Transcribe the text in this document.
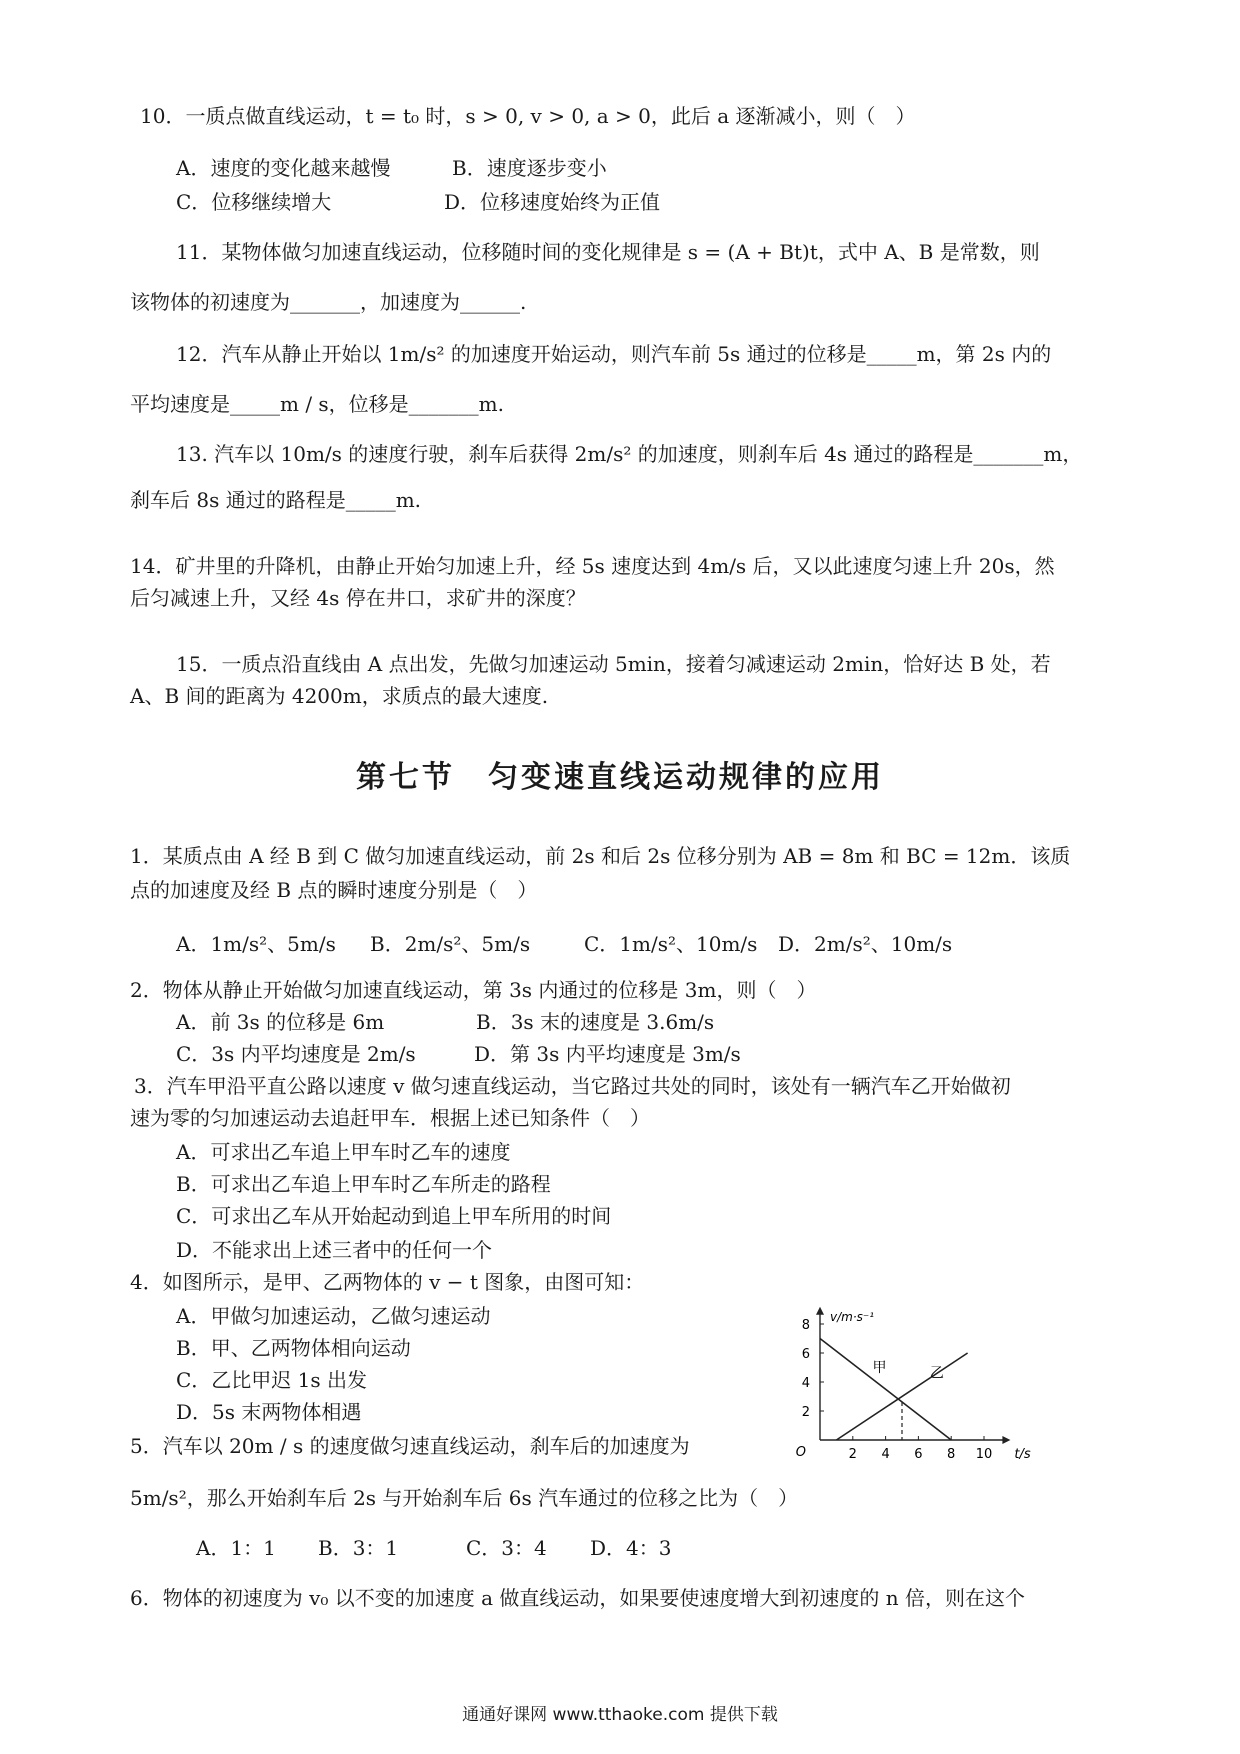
10．一质点做直线运动，t = t₀ 时，s > 0, v > 0, a > 0，此后 a 逐渐减小，则（　）
A．速度的变化越来越慢	B．速度逐步变小
C．位移继续增大	D．位移速度始终为正值
11．某物体做匀加速直线运动，位移随时间的变化规律是 s = (A + Bt)t，式中 A、B 是常数，则
该物体的初速度为_______，加速度为______.
12．汽车从静止开始以 1m/s² 的加速度开始运动，则汽车前 5s 通过的位移是_____m，第 2s 内的
平均速度是_____m / s，位移是_______m.
13. 汽车以 10m/s 的速度行驶，刹车后获得 2m/s² 的加速度，则刹车后 4s 通过的路程是_______m，
刹车后 8s 通过的路程是_____m.
14．矿井里的升降机，由静止开始匀加速上升，经 5s 速度达到 4m/s 后，又以此速度匀速上升 20s，然
后匀减速上升，又经 4s 停在井口，求矿井的深度？
15．一质点沿直线由 A 点出发，先做匀加速运动 5min，接着匀减速运动 2min，恰好达 B 处，若
A、B 间的距离为 4200m，求质点的最大速度.
第七节　匀变速直线运动规律的应用
1．某质点由 A 经 B 到 C 做匀加速直线运动，前 2s 和后 2s 位移分别为 AB = 8m 和 BC = 12m．该质
点的加速度及经 B 点的瞬时速度分别是（　）
A．1m/s²、5m/s B．2m/s²、5m/s	C．1m/s²、10m/s D．2m/s²、10m/s
2．物体从静止开始做匀加速直线运动，第 3s 内通过的位移是 3m，则（　）
A．前 3s 的位移是 6m	B．3s 末的速度是 3.6m/s
C．3s 内平均速度是 2m/s	D．第 3s 内平均速度是 3m/s
3．汽车甲沿平直公路以速度 v 做匀速直线运动，当它路过共处的同时，该处有一辆汽车乙开始做初
速为零的匀加速运动去追赶甲车．根据上述已知条件（　）
A．可求出乙车追上甲车时乙车的速度
B．可求出乙车追上甲车时乙车所走的路程
C．可求出乙车从开始起动到追上甲车所用的时间
D．不能求出上述三者中的任何一个
4．如图所示，是甲、乙两物体的 v − t 图象，由图可知：
A．甲做匀加速运动，乙做匀速运动
B．甲、乙两物体相向运动
C．乙比甲迟 1s 出发
D．5s 末两物体相遇
2 4 6 8 10
2
4
6
8
O	t/s
v/m·s⁻¹
甲	乙
5．汽车以 20m / s 的速度做匀速直线运动，刹车后的加速度为
5m/s²，那么开始刹车后 2s 与开始刹车后 6s 汽车通过的位移之比为（　）
A．1：1 B．3：1	C．3：4 D．4：3
6．物体的初速度为 v₀ 以不变的加速度 a 做直线运动，如果要使速度增大到初速度的 n 倍，则在这个
通通好课网 www.tthaoke.com 提供下载
